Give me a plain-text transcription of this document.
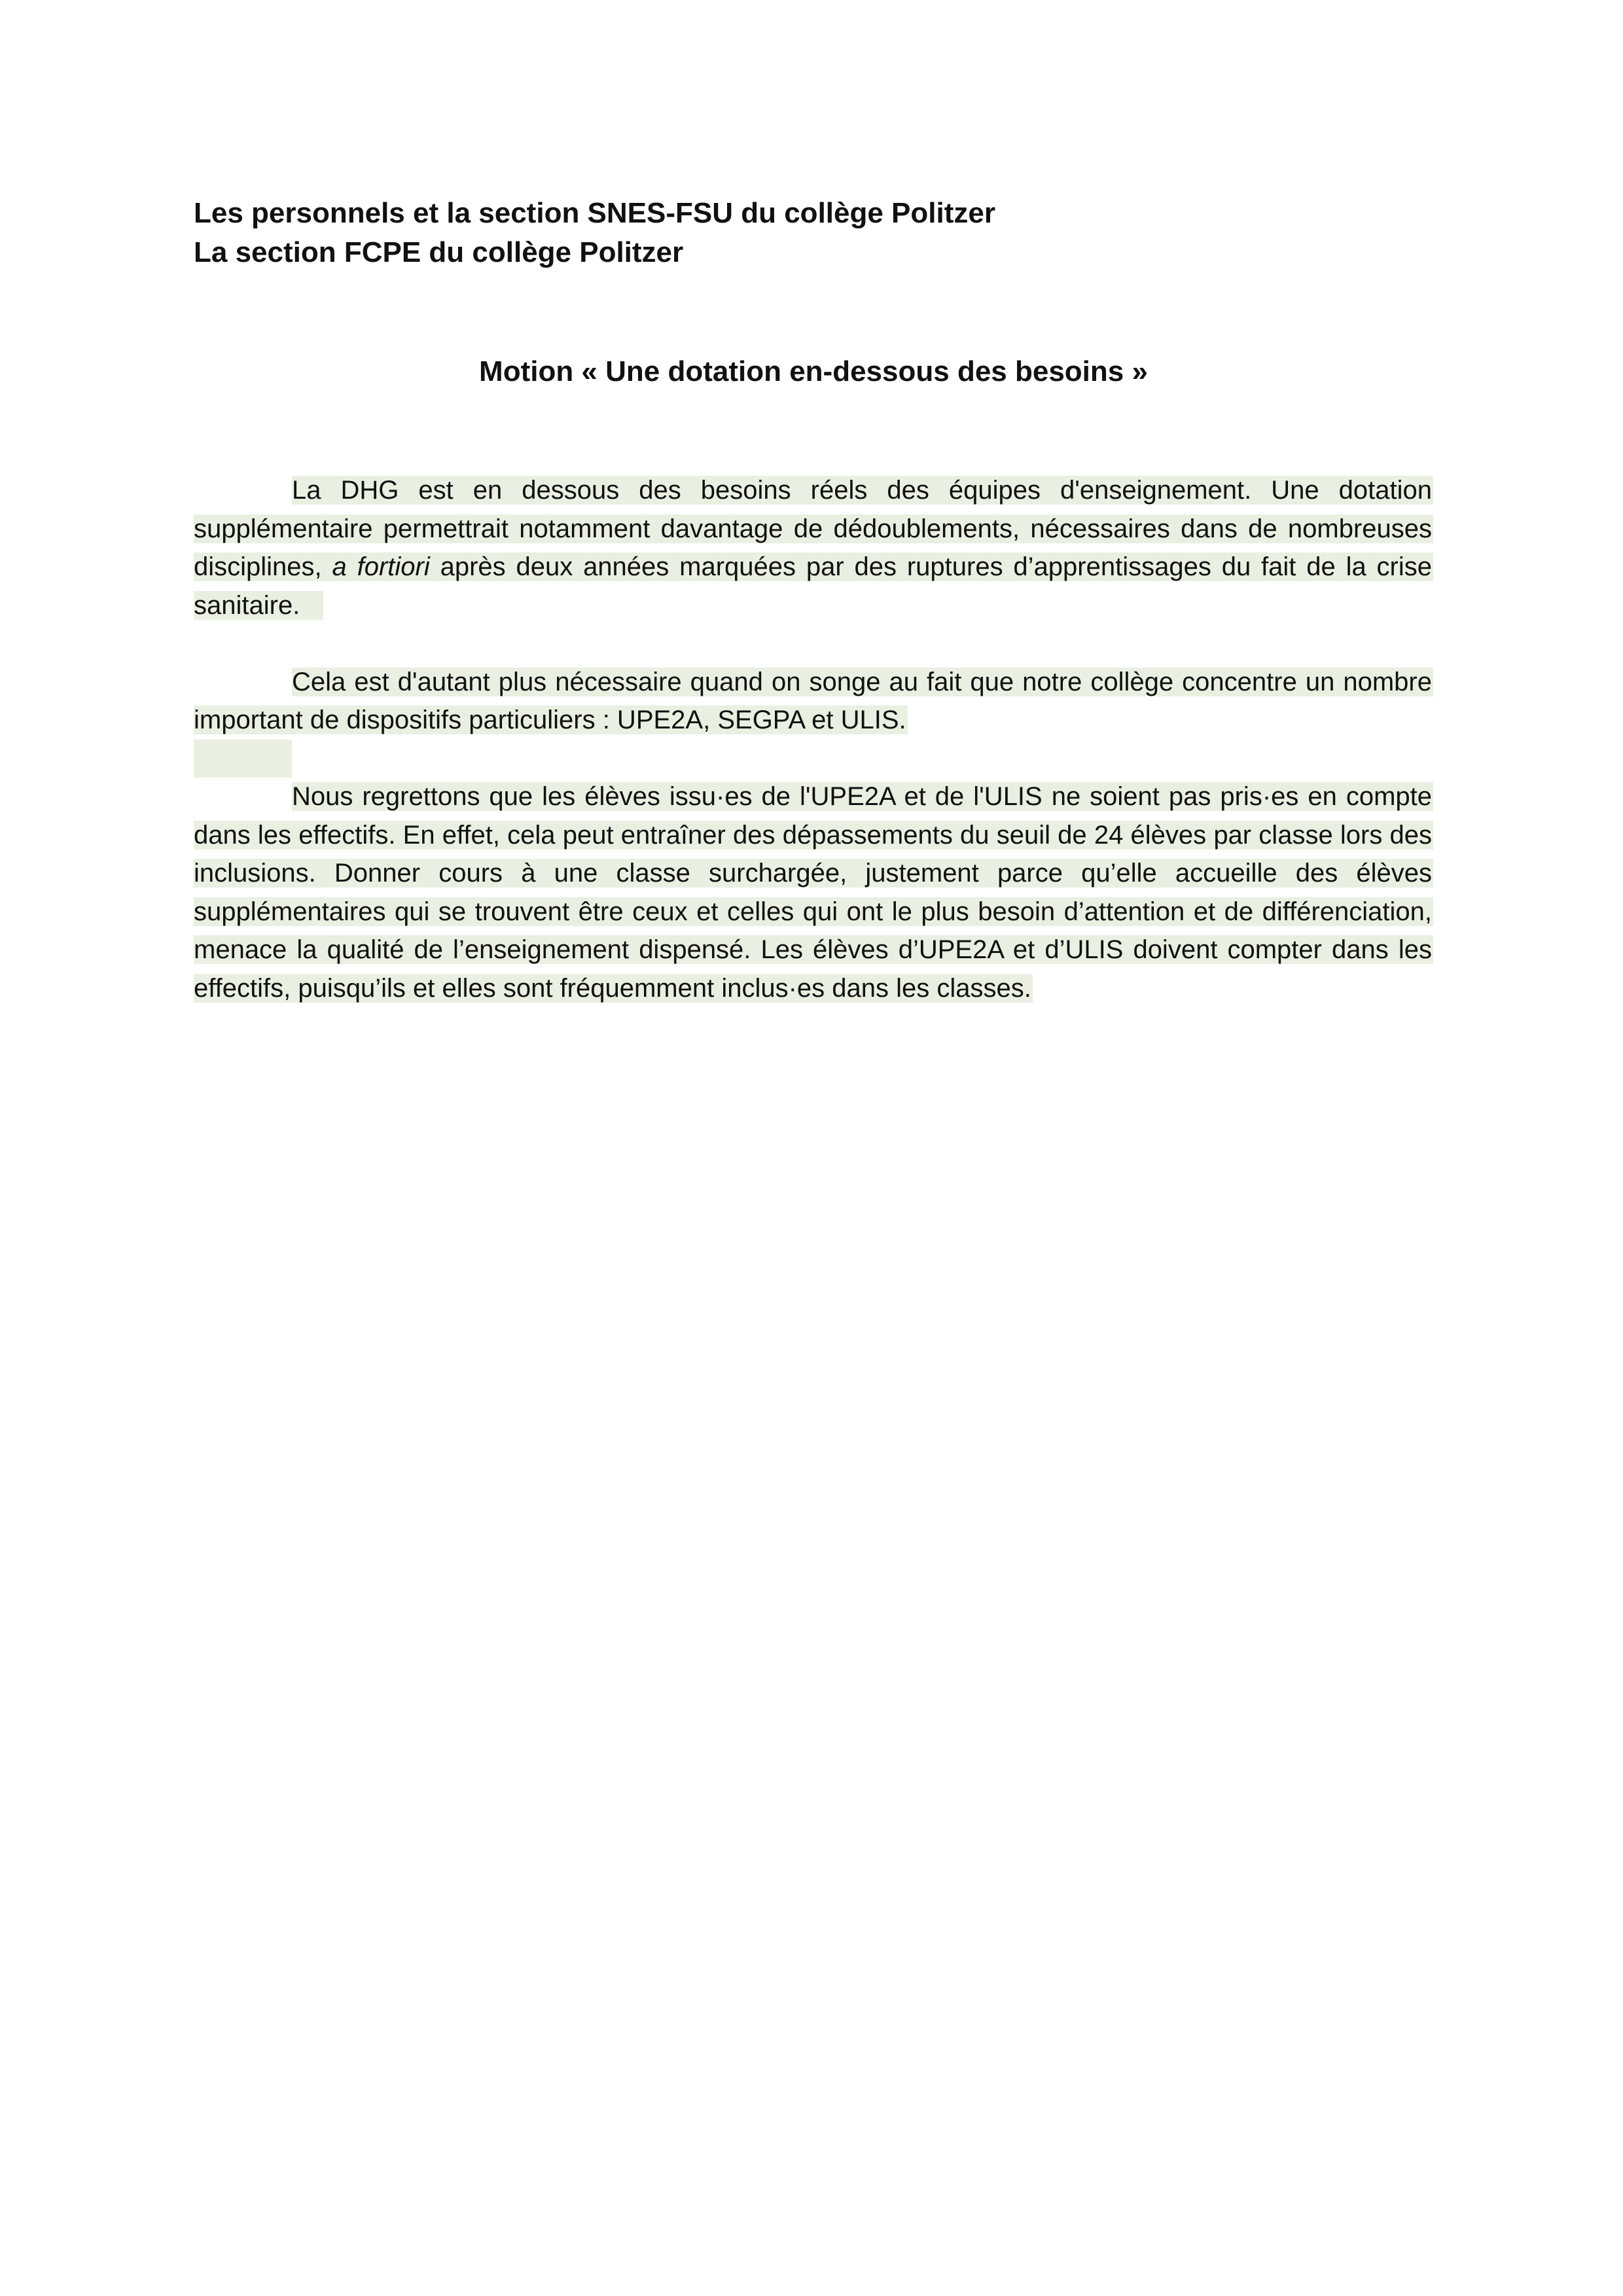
Les personnels et la section SNES-FSU du collège Politzer

La section FCPE du collège Politzer

Motion « Une dotation en-dessous des besoins »

La DHG est en dessous des besoins réels des équipes d'enseignement. Une dotation supplémentaire permettrait notamment davantage de dédoublements, nécessaires dans de nombreuses disciplines, a fortiori après deux années marquées par des ruptures d’apprentissages du fait de la crise sanitaire.

Cela est d'autant plus nécessaire quand on songe au fait que notre collège concentre un nombre important de dispositifs particuliers : UPE2A, SEGPA et ULIS.

Nous regrettons que les élèves issu·es de l'UPE2A et de l'ULIS ne soient pas pris·es en compte dans les effectifs. En effet, cela peut entraîner des dépassements du seuil de 24 élèves par classe lors des inclusions. Donner cours à une classe surchargée, justement parce qu’elle accueille des élèves supplémentaires qui se trouvent être ceux et celles qui ont le plus besoin d’attention et de différenciation, menace la qualité de l’enseignement dispensé. Les élèves d’UPE2A et d’ULIS doivent compter dans les effectifs, puisqu’ils et elles sont fréquemment inclus·es dans les classes.
